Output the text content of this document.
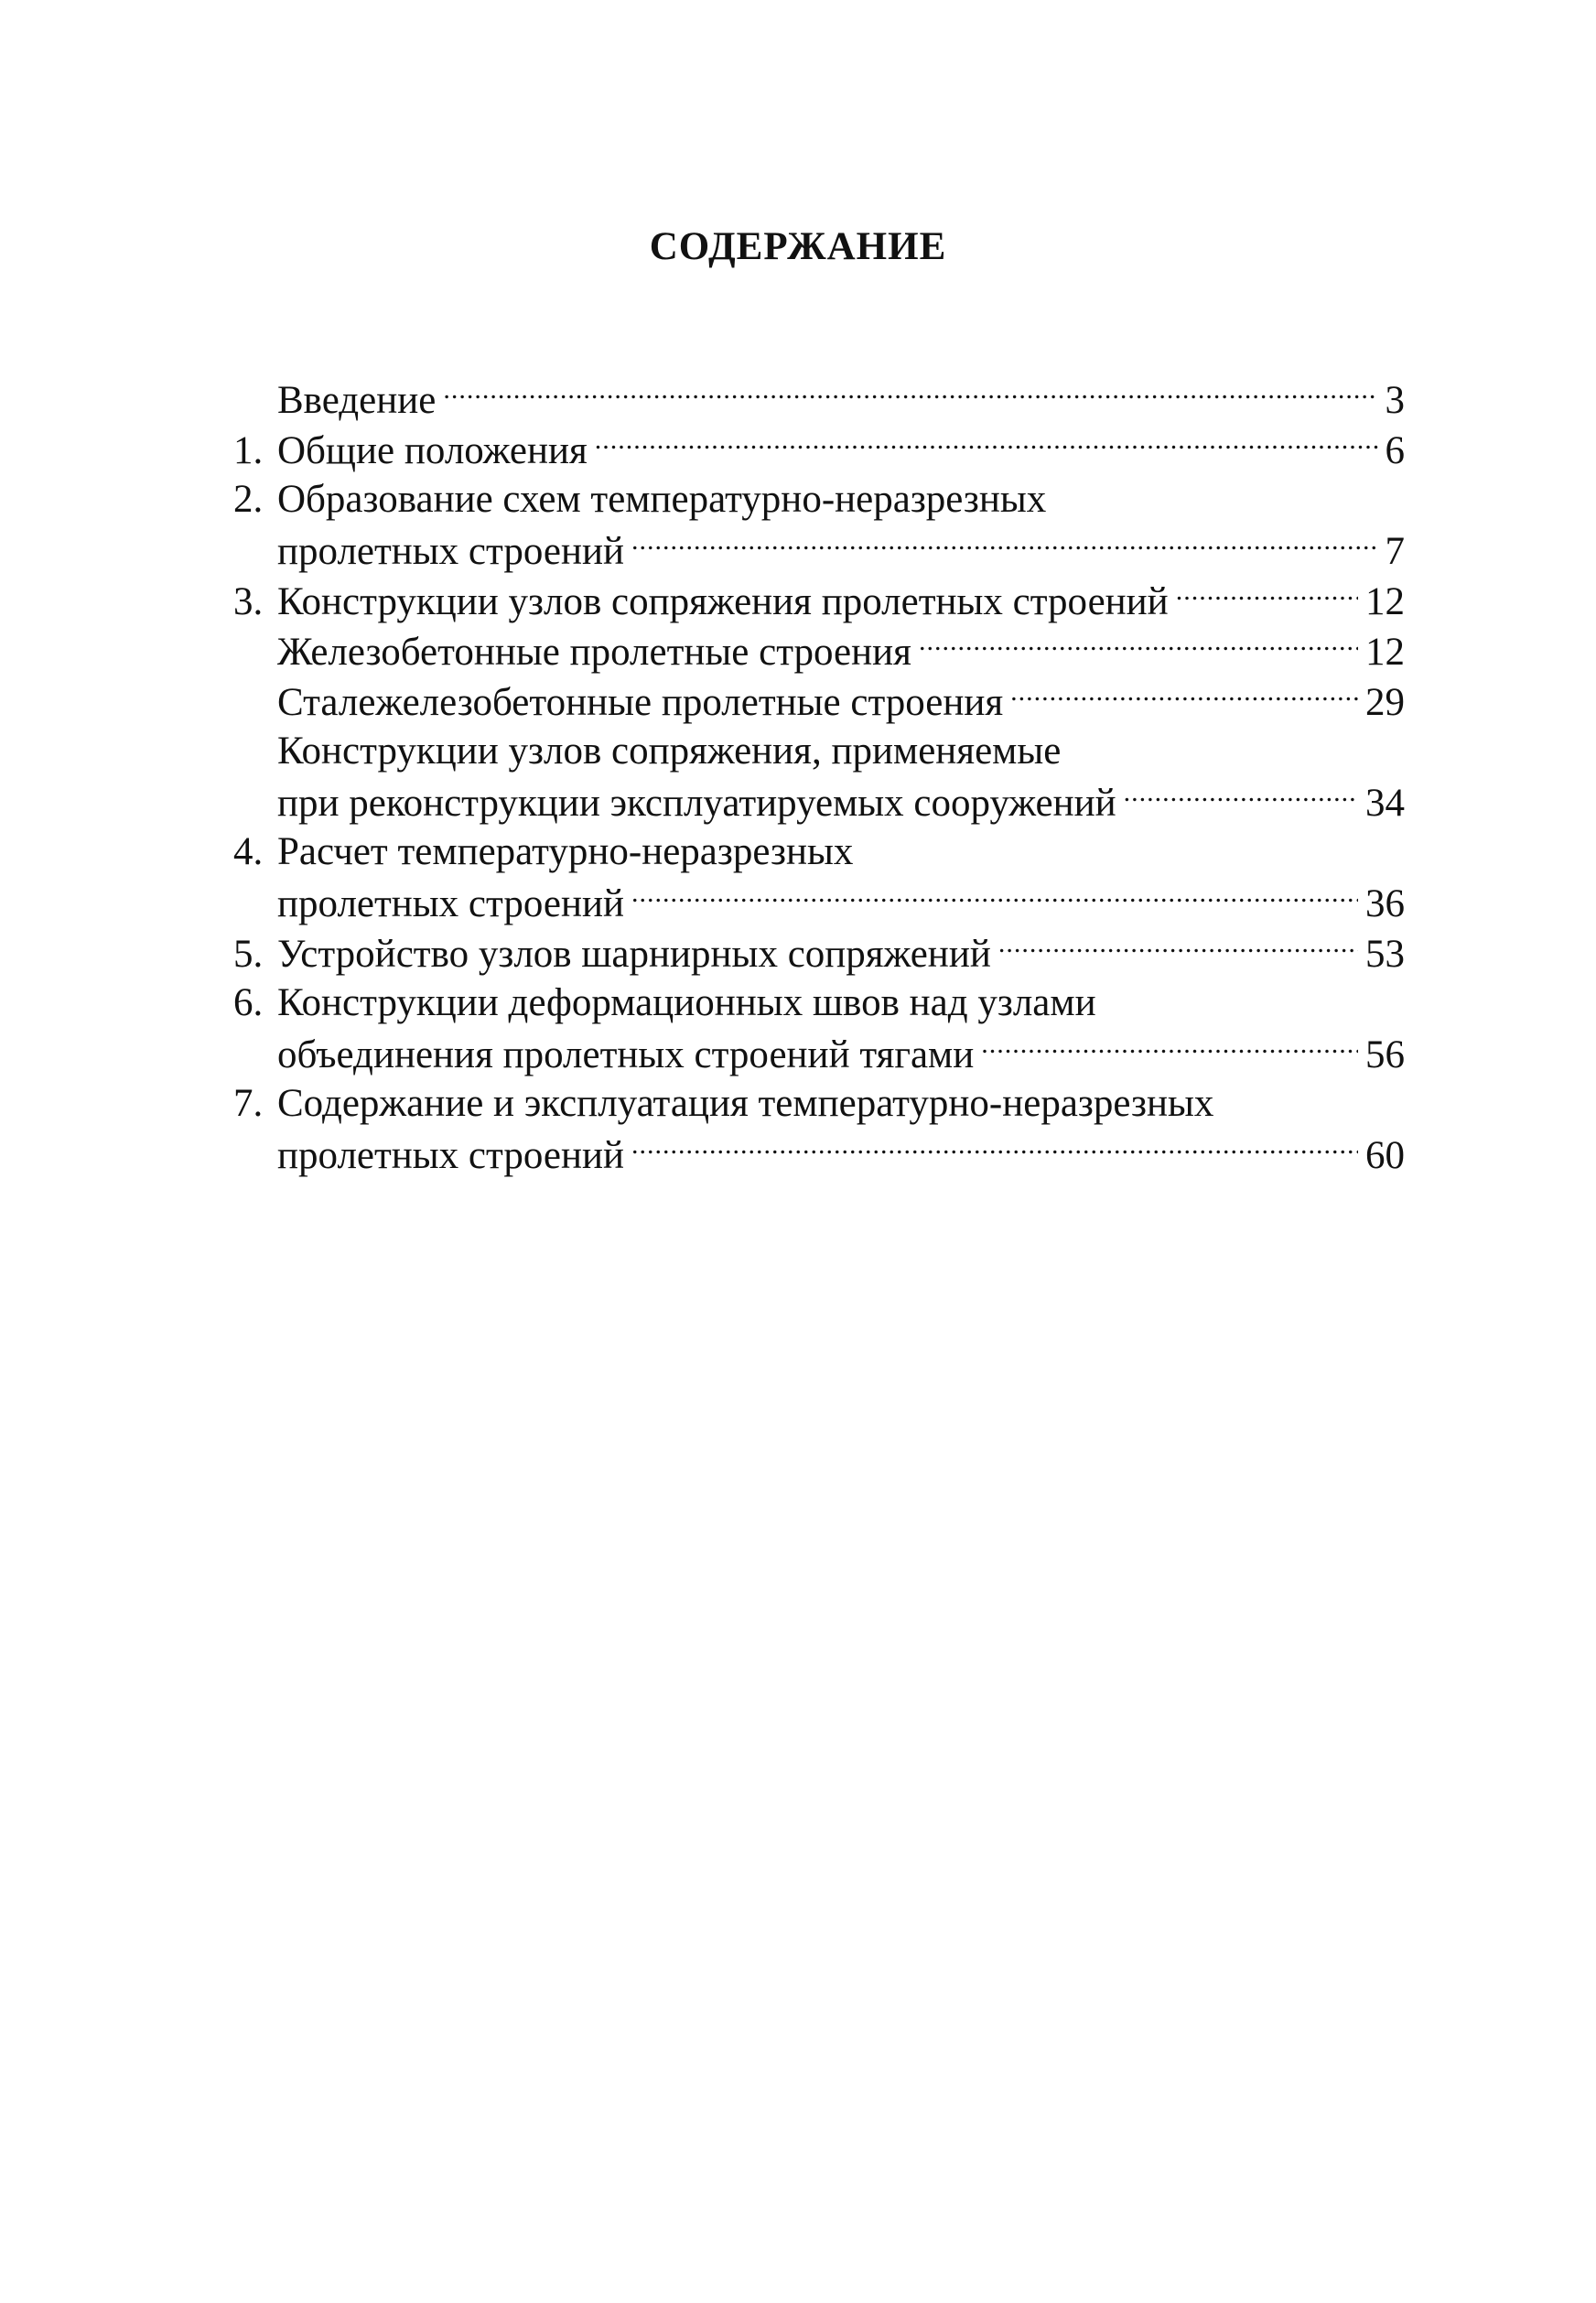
СОДЕРЖАНИЕ
Введение .....	3
1. Общие положения .....	6
2. Образование схем температурно-неразрезных
пролетных строений .....	7
3. Конструкции узлов сопряжения пролетных строений .....	12
Железобетонные пролетные строения .....	12
Сталежелезобетонные пролетные строения .....	29
Конструкции узлов сопряжения, применяемые
при реконструкции эксплуатируемых сооружений .....	34
4. Расчет температурно-неразрезных
пролетных строений .....	36
5. Устройство узлов шарнирных сопряжений .....	53
6. Конструкции деформационных швов над узлами
объединения пролетных строений тягами .....	56
7. Содержание и эксплуатация температурно-неразрезных
пролетных строений .....	60
